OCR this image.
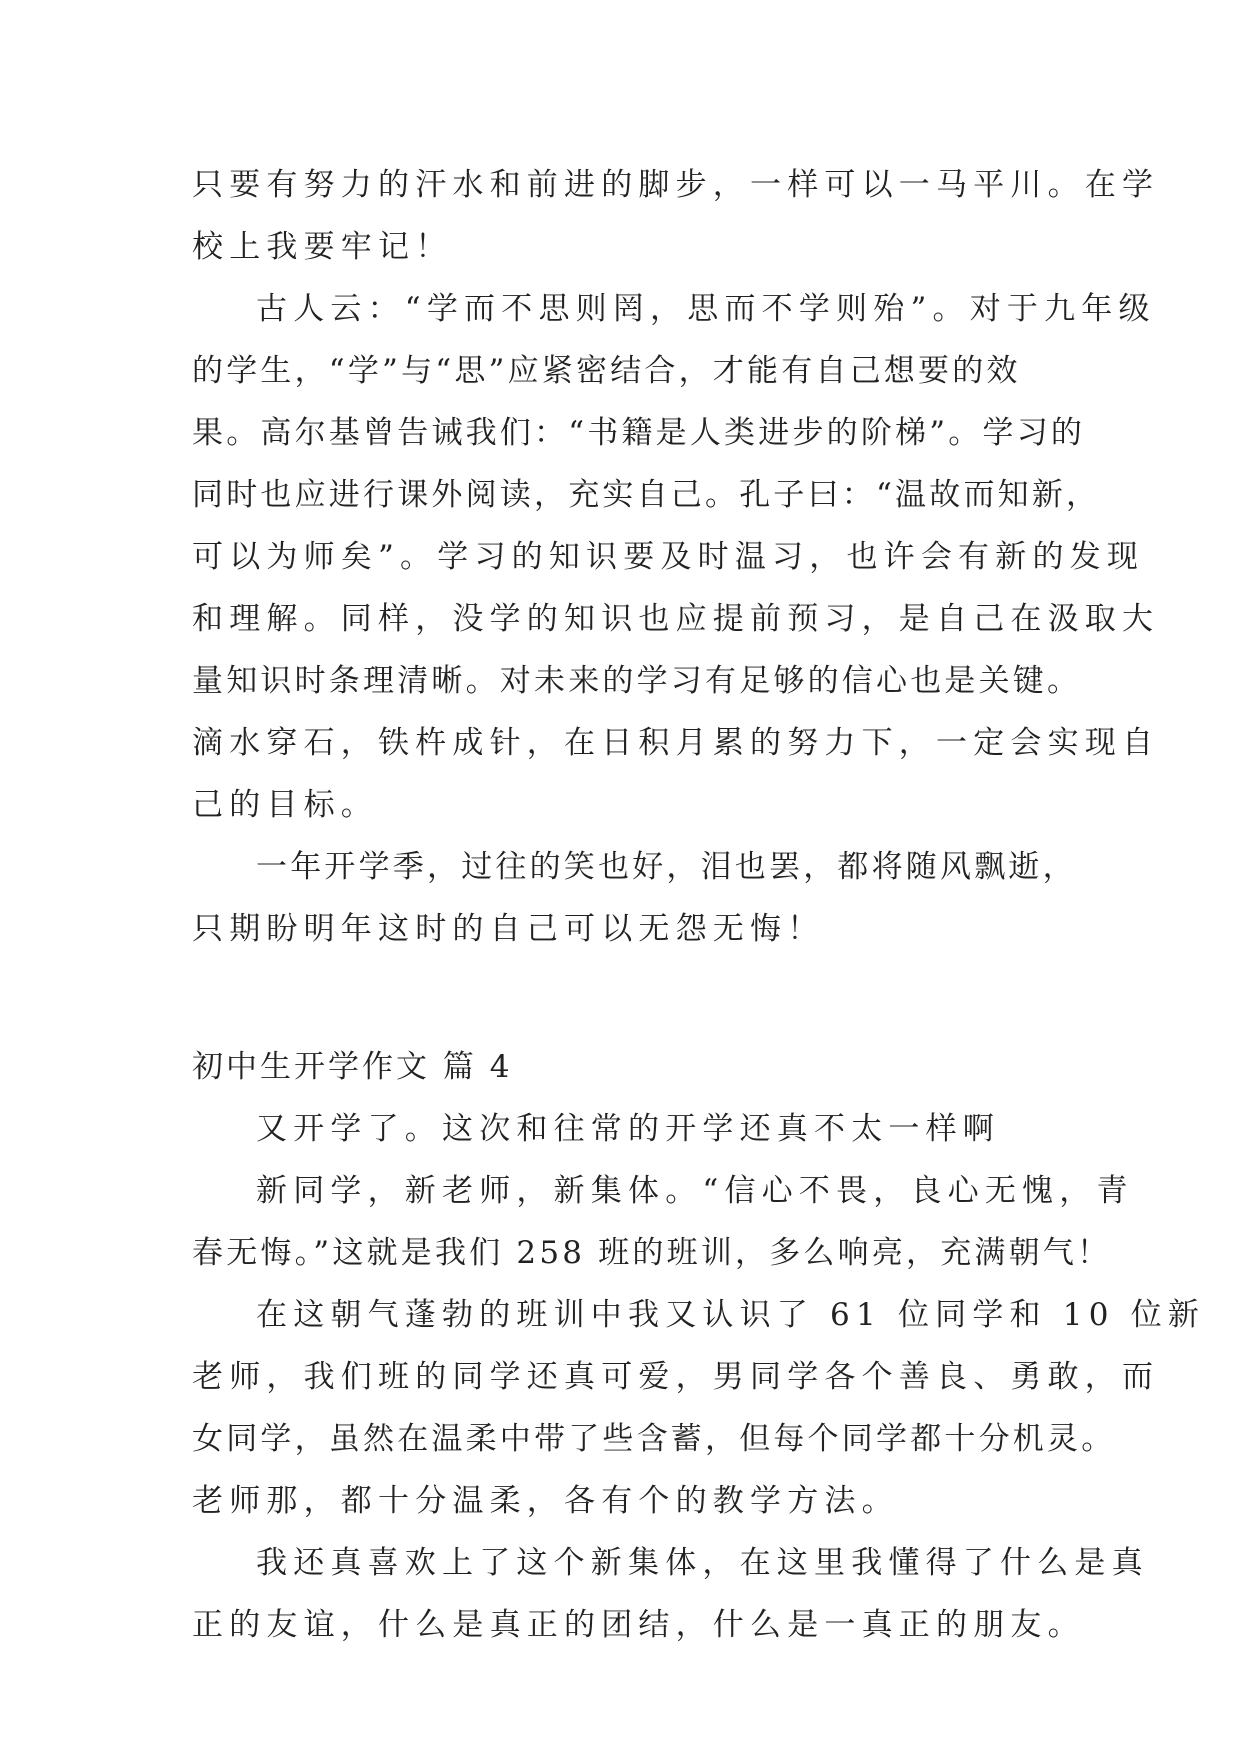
只要有努力的汗水和前进的脚步，一样可以一马平川。在学
校上我要牢记！
古人云：“学而不思则罔，思而不学则殆”。对于九年级
的学生，“学”与“思”应紧密结合，才能有自己想要的效
果。高尔基曾告诫我们：“书籍是人类进步的阶梯”。学习的
同时也应进行课外阅读，充实自己。孔子曰：“温故而知新，
可以为师矣”。学习的知识要及时温习，也许会有新的发现
和理解。同样，没学的知识也应提前预习，是自己在汲取大
量知识时条理清晰。对未来的学习有足够的信心也是关键。
滴水穿石，铁杵成针，在日积月累的努力下，一定会实现自
己的目标。
一年开学季，过往的笑也好，泪也罢，都将随风飘逝，
只期盼明年这时的自己可以无怨无悔！
初中生开学作文 篇 4
又开学了。这次和往常的开学还真不太一样啊
新同学，新老师，新集体。“信心不畏，良心无愧，青
春无悔。”这就是我们 258 班的班训，多么响亮，充满朝气！
在这朝气蓬勃的班训中我又认识了 61 位同学和 10 位新
老师，我们班的同学还真可爱，男同学各个善良、勇敢，而
女同学，虽然在温柔中带了些含蓄，但每个同学都十分机灵。
老师那，都十分温柔，各有个的教学方法。
我还真喜欢上了这个新集体，在这里我懂得了什么是真
正的友谊，什么是真正的团结，什么是一真正的朋友。
